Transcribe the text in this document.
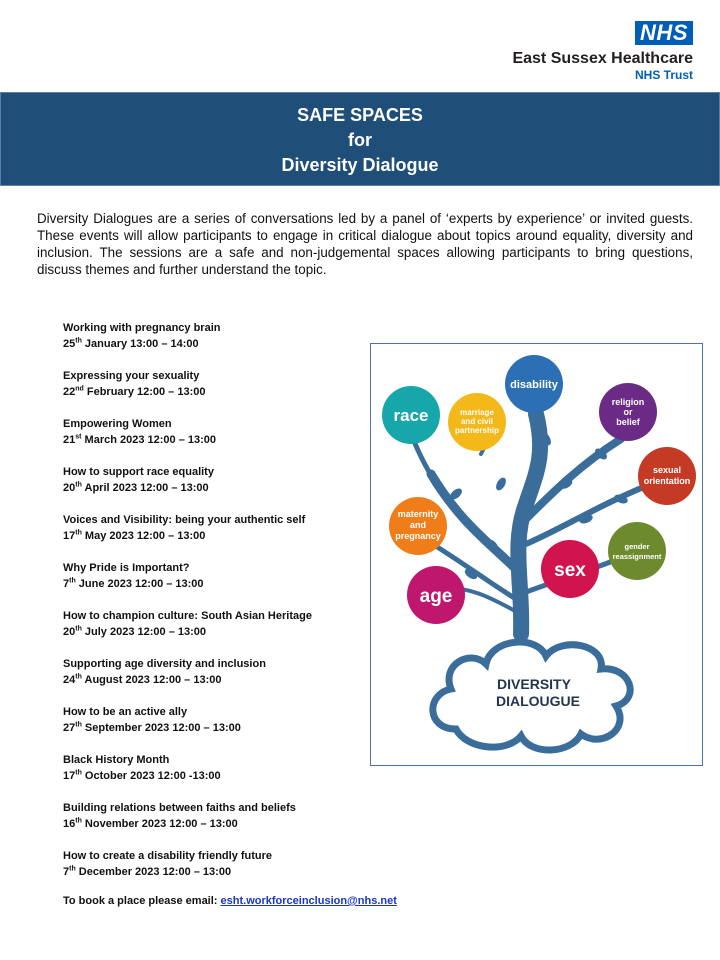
NHS
East Sussex Healthcare
NHS Trust
SAFE SPACES
for
Diversity Dialogue
Diversity Dialogues are a series of conversations led by a panel of ‘experts by experience’ or invited guests. These events will allow participants to engage in critical dialogue about topics around equality, diversity and inclusion. The sessions are a safe and non-judgemental spaces allowing participants to bring questions, discuss themes and further understand the topic.
Working with pregnancy brain
25th January 13:00 – 14:00
Expressing your sexuality
22nd February 12:00 – 13:00
Empowering Women
21st March 2023 12:00 – 13:00
How to support race equality
20th April 2023 12:00 – 13:00
Voices and Visibility: being your authentic self
17th May 2023 12:00 – 13:00
Why Pride is Important?
7th June 2023 12:00 – 13:00
How to champion culture: South Asian Heritage
20th July 2023 12:00 – 13:00
Supporting age diversity and inclusion
24th August 2023 12:00 – 13:00
How to be an active ally
27th September 2023 12:00 – 13:00
Black History Month
17th October 2023 12:00 -13:00
Building relations between faiths and beliefs
16th November 2023 12:00 – 13:00
How to create a disability friendly future
7th December 2023 12:00 – 13:00
To book a place please email: esht.workforceinclusion@nhs.net
DIVERSITY
DIALOUGUE
race	marriage
and civil
partnership
disability
religion
or
belief
sexual
orientation
maternity
and
pregnancy
gender
reassignment
sex
age
